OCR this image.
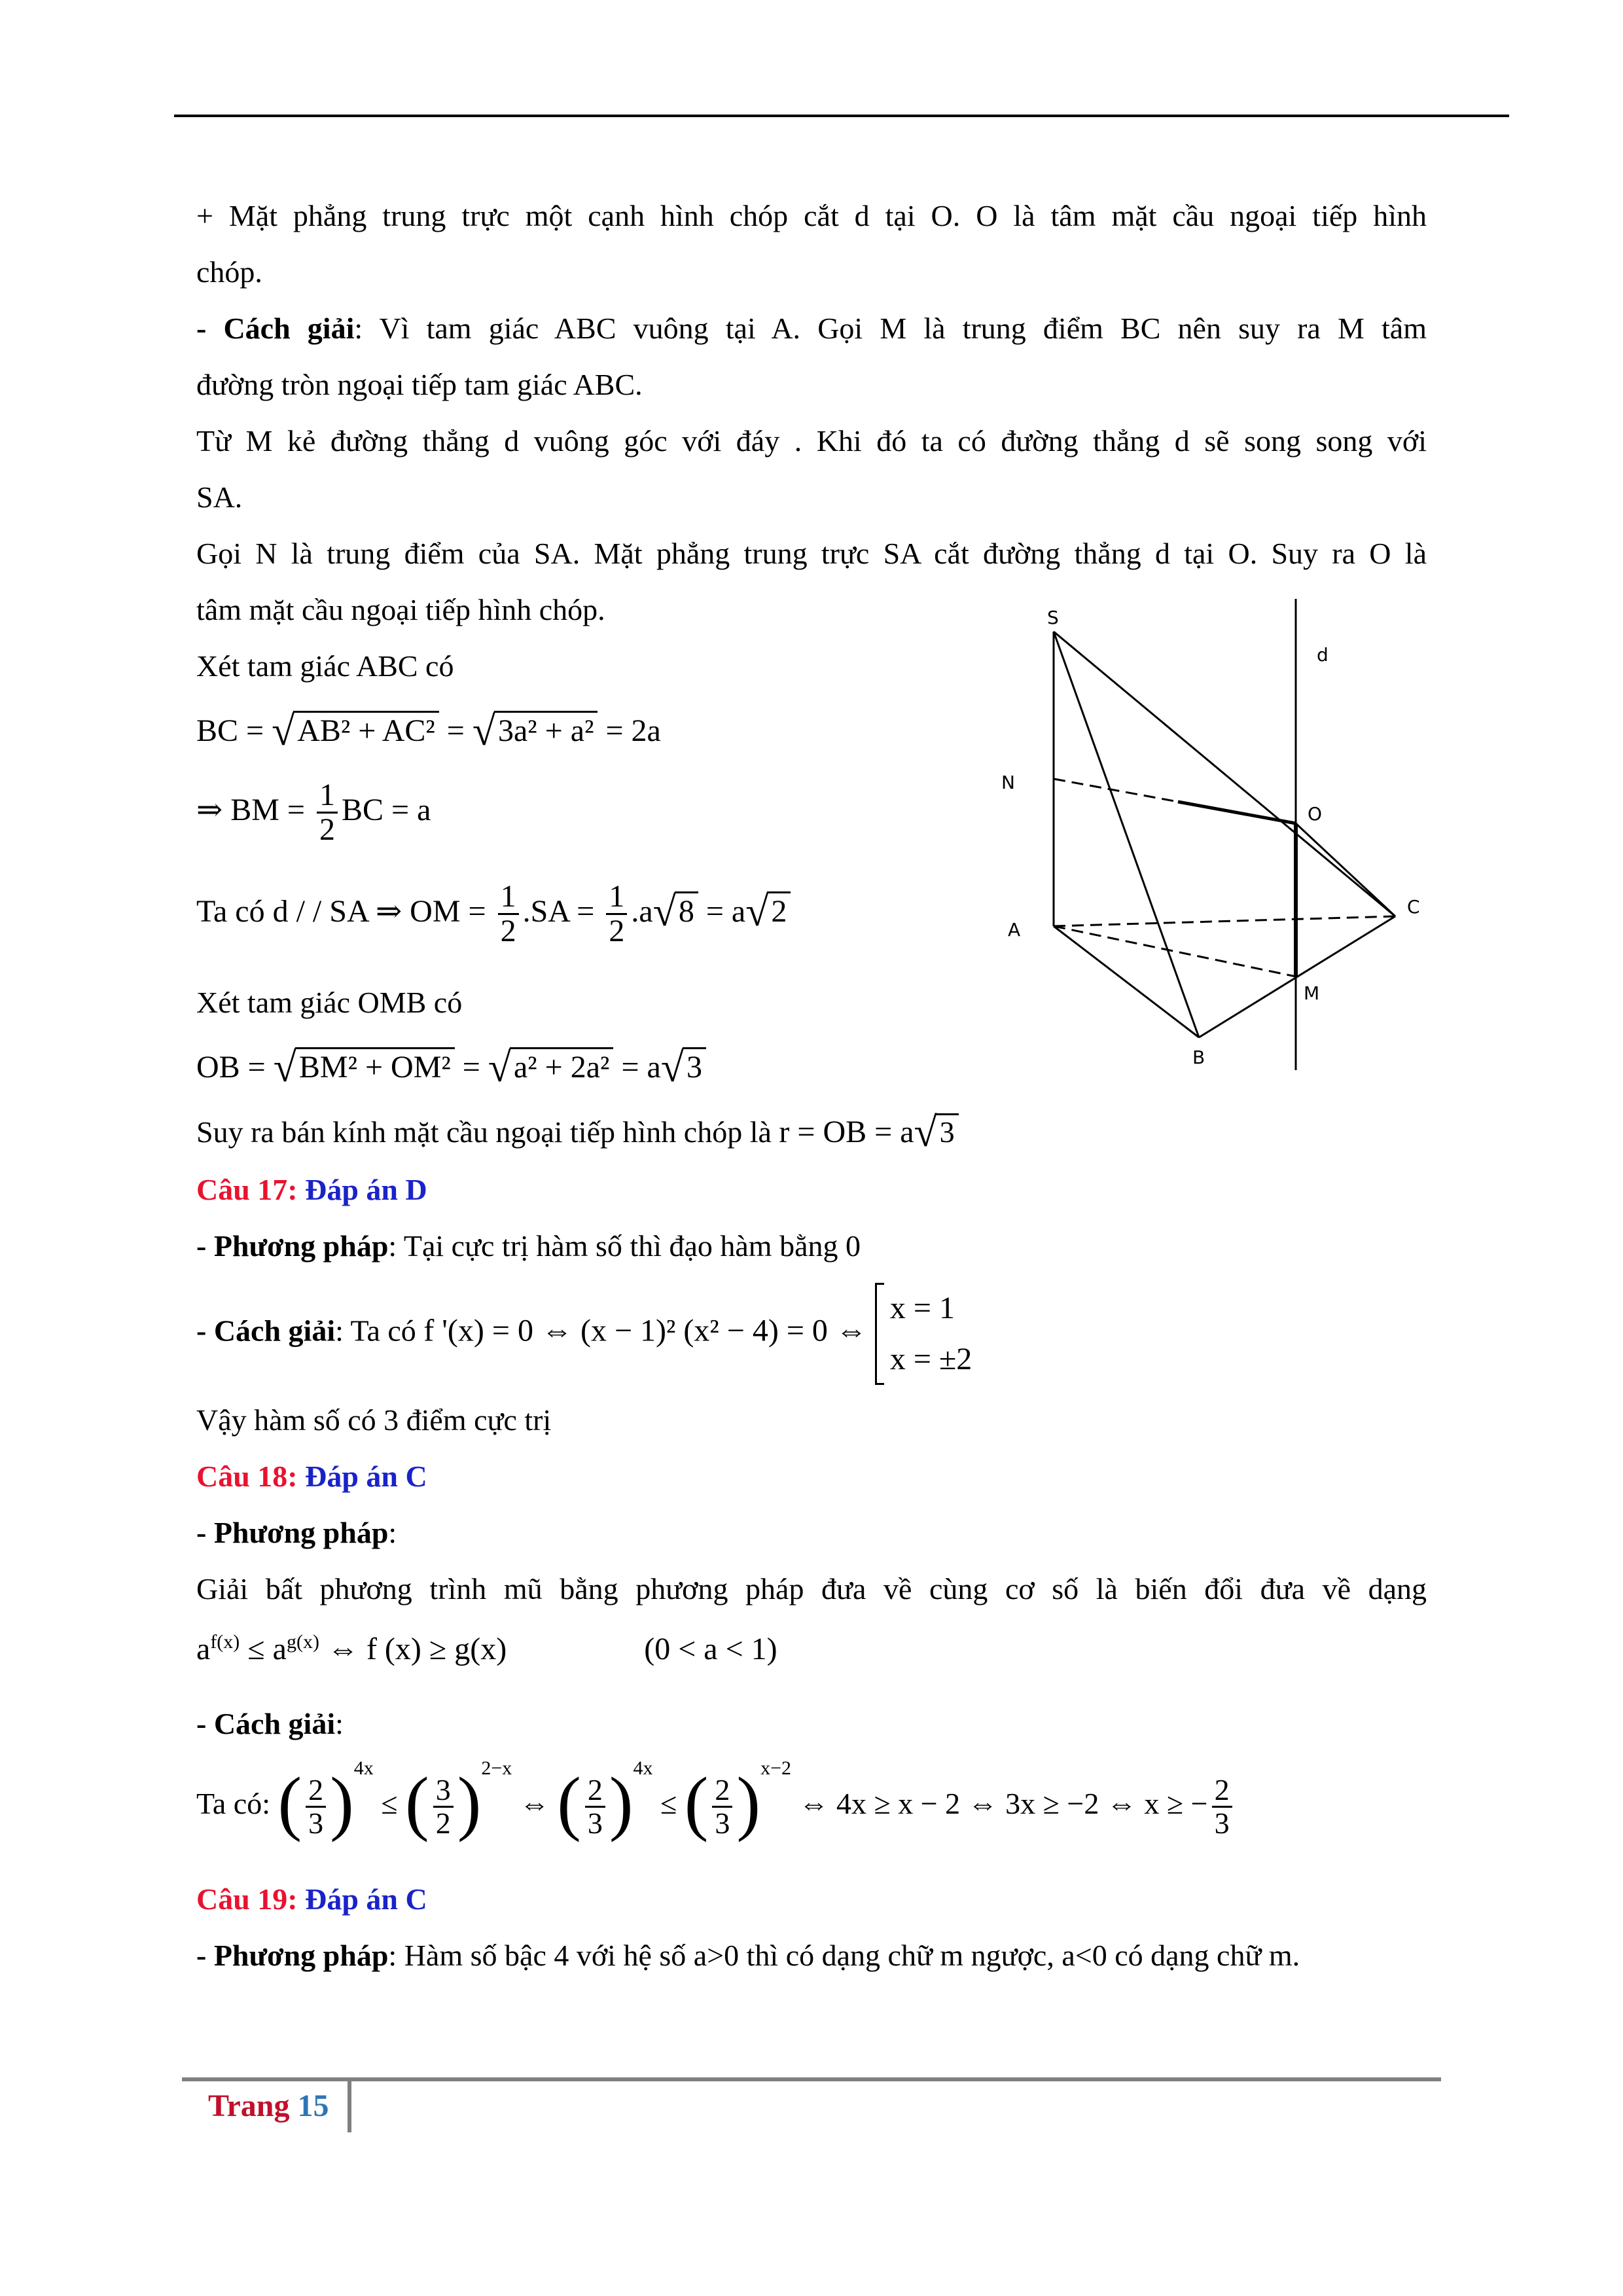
+ Mặt phẳng trung trực một cạnh hình chóp cắt d tại O. O là tâm mặt cầu ngoại tiếp hình
chóp.
- Cách giải: Vì tam giác ABC vuông tại A. Gọi M là trung điểm BC nên suy ra M tâm
đường tròn ngoại tiếp tam giác ABC.
Từ M kẻ đường thẳng d vuông góc với đáy . Khi đó ta có đường thẳng d sẽ song song với
SA.
Gọi N là trung điểm của SA. Mặt phẳng trung trực SA cắt đường thẳng d tại O. Suy ra O là
tâm mặt cầu ngoại tiếp hình chóp.
Xét tam giác ABC có
BC = √AB² + AC² = √3a² + a² = 2a
⇒ BM = $\frac{1}{2}$ BC = a
Ta có d / / SA ⇒ OM = $\frac{1}{2} .SA = \frac{1}{2} .a√8 = a√2$
Xét tam giác OMB có
OB = √BM² + OM² = √a² + 2a² = a√3
Suy ra bán kính mặt cầu ngoại tiếp hình chóp là r = OB = a√3
S
d
N
O
A
C
M
B
Câu 17: Đáp án D
- Phương pháp: Tại cực trị hàm số thì đạo hàm bằng 0
- Cách giải: Ta có f '(x) = 0 ⇔ (x − 1)² (x² − 4) = 0 ⇔
x = 1
x = ±2
Vậy hàm số có 3 điểm cực trị
Câu 18: Đáp án C
- Phương pháp:
Giải bất phương trình mũ bằng phương pháp đưa về cùng cơ số là biến đổi đưa về dạng
$a^{f(x)} \le a^{g(x)}$ ⇔ f (x) ≥ g(x)	(0 < a < 1)
- Cách giải:
Ta có: ( $\frac{2}{3} )^{4x}$ ≤ ( $\frac{3}{2} )^{2-x}$ ⇔ ( $\frac{2}{3} )^{4x}$ ≤ ( $\frac{2}{3} )^{x-2}$ ⇔ 4x ≥ x − 2 ⇔ 3x ≥ −2 ⇔ x ≥ − $\frac{2}{3}$
Câu 19: Đáp án C
- Phương pháp: Hàm số bậc 4 với hệ số a>0 thì có dạng chữ m ngược, a<0 có dạng chữ m.
Trang 15
